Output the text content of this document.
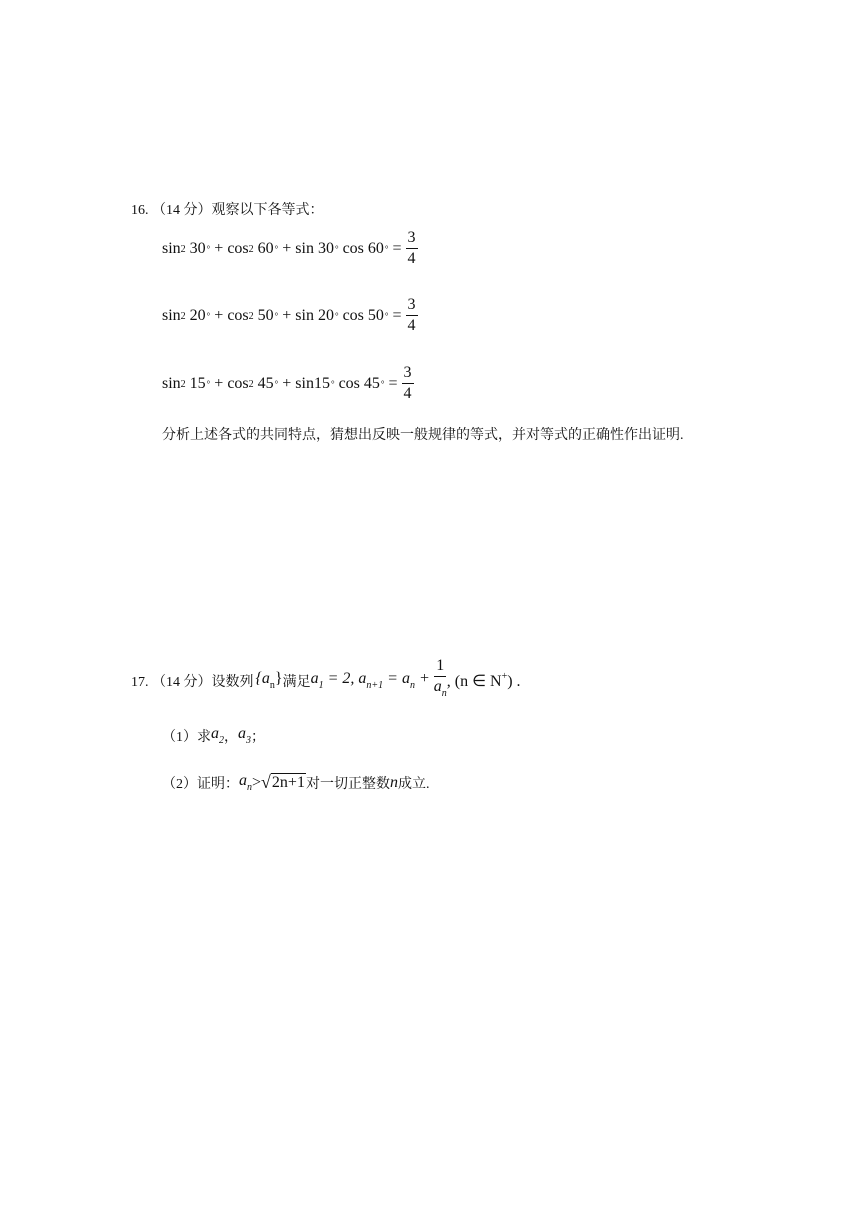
16. （14 分）观察以下各等式：
sin 2
30 °
+
cos 2
60 °
+
sin
30 °
cos
60 °
= $\frac{3}{4}$
sin 2
20 °
+
cos 2
50 °
+
sin
20 °
cos
50 °
= $\frac{3}{4}$
sin 2
15 °
+
cos 2
45 °
+
sin 15 °
cos
45 °
= $\frac{3}{4}$
分析上述各式的共同特点，猜想出反映一般规律的等式，并对等式的正确性作出证明.
17. （14 分）设数列 $\{a_n\}$ 满足 $a_1 = 2$, $a_{n+1} = a_n + \frac{1}{a_n}$ , (n ∈ N+) .
（1）求 $a_2$ ， $a_3$ ；
（2）证明： $a_n$ > √ 2n+1 对一切正整数 n 成立.
